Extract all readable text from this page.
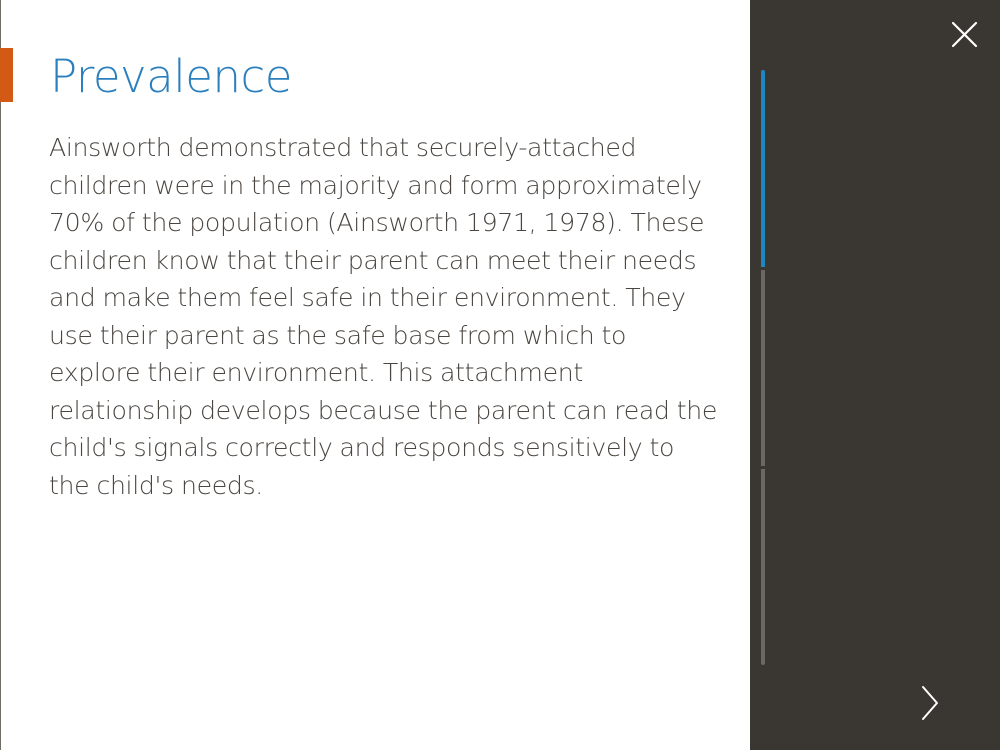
Prevalence

Ainsworth demonstrated that securely-attached children were in the majority and form approximately 70% of the population (Ainsworth 1971, 1978). These children know that their parent can meet their needs and make them feel safe in their environment. They use their parent as the safe base from which to explore their environment. This attachment relationship develops because the parent can read the child's signals correctly and responds sensitively to the child's needs.
